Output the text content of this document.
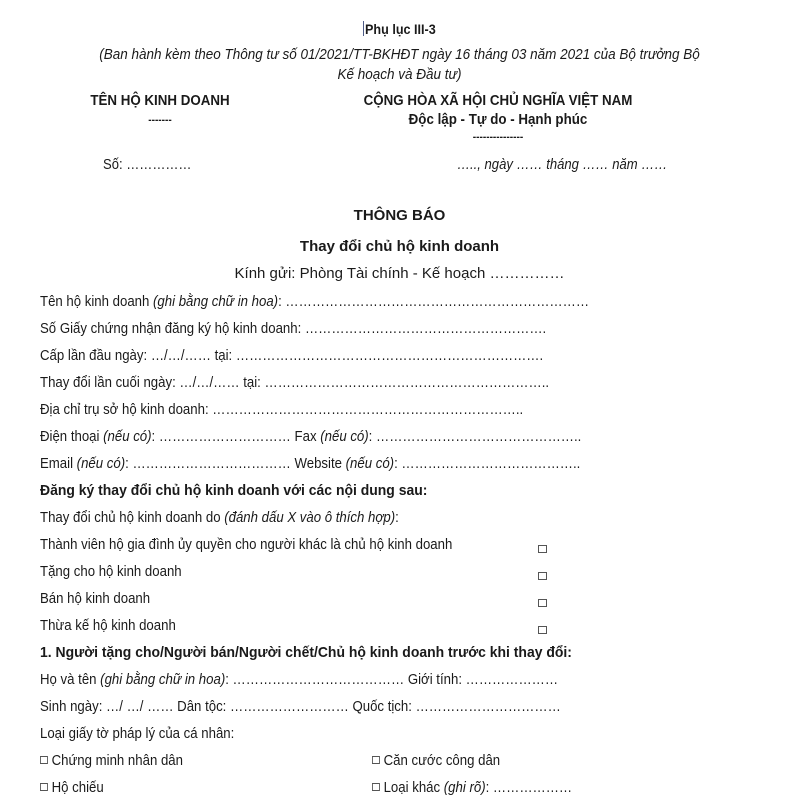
Phụ lục III-3
(Ban hành kèm theo Thông tư số 01/2021/TT-BKHĐT ngày 16 tháng 03 năm 2021 của Bộ trưởng Bộ
Kế hoạch và Đầu tư)
TÊN HỘ KINH DOANH
-------
CỘNG HÒA XÃ HỘI CHỦ NGHĨA VIỆT NAM
Độc lập - Tự do - Hạnh phúc
---------------
Số: ……………	….., ngày …… tháng …… năm ……
THÔNG BÁO
Thay đổi chủ hộ kinh doanh
Kính gửi: Phòng Tài chính - Kế hoạch ……………
Tên hộ kinh doanh (ghi bằng chữ in hoa): ……………………………………………………………
Số Giấy chứng nhận đăng ký hộ kinh doanh: ……………………………………………….
Cấp lần đầu ngày: …/…/…… tại: …………………………………………………………….
Thay đổi lần cuối ngày: …/…/…… tại: ………………………………………………………..
Địa chỉ trụ sở hộ kinh doanh: ……………………………………………………………..
Điện thoại (nếu có): ………………………… Fax (nếu có): ………………………………………..
Email (nếu có): ……………………………… Website (nếu có): …………………………………..
Đăng ký thay đổi chủ hộ kinh doanh với các nội dung sau:
Thay đổi chủ hộ kinh doanh do (đánh dấu X vào ô thích hợp):
Thành viên hộ gia đình ủy quyền cho người khác là chủ hộ kinh doanh
Tặng cho hộ kinh doanh
Bán hộ kinh doanh
Thừa kế hộ kinh doanh
1. Người tặng cho/Người bán/Người chết/Chủ hộ kinh doanh trước khi thay đổi:
Họ và tên (ghi bằng chữ in hoa): ………………………………… Giới tính: …………………
Sinh ngày: …/ …/ …… Dân tộc: ……………………… Quốc tịch: ……………………………
Loại giấy tờ pháp lý của cá nhân:
Chứng minh nhân dân	Căn cước công dân
Hộ chiếu	Loại khác (ghi rõ): ………………
